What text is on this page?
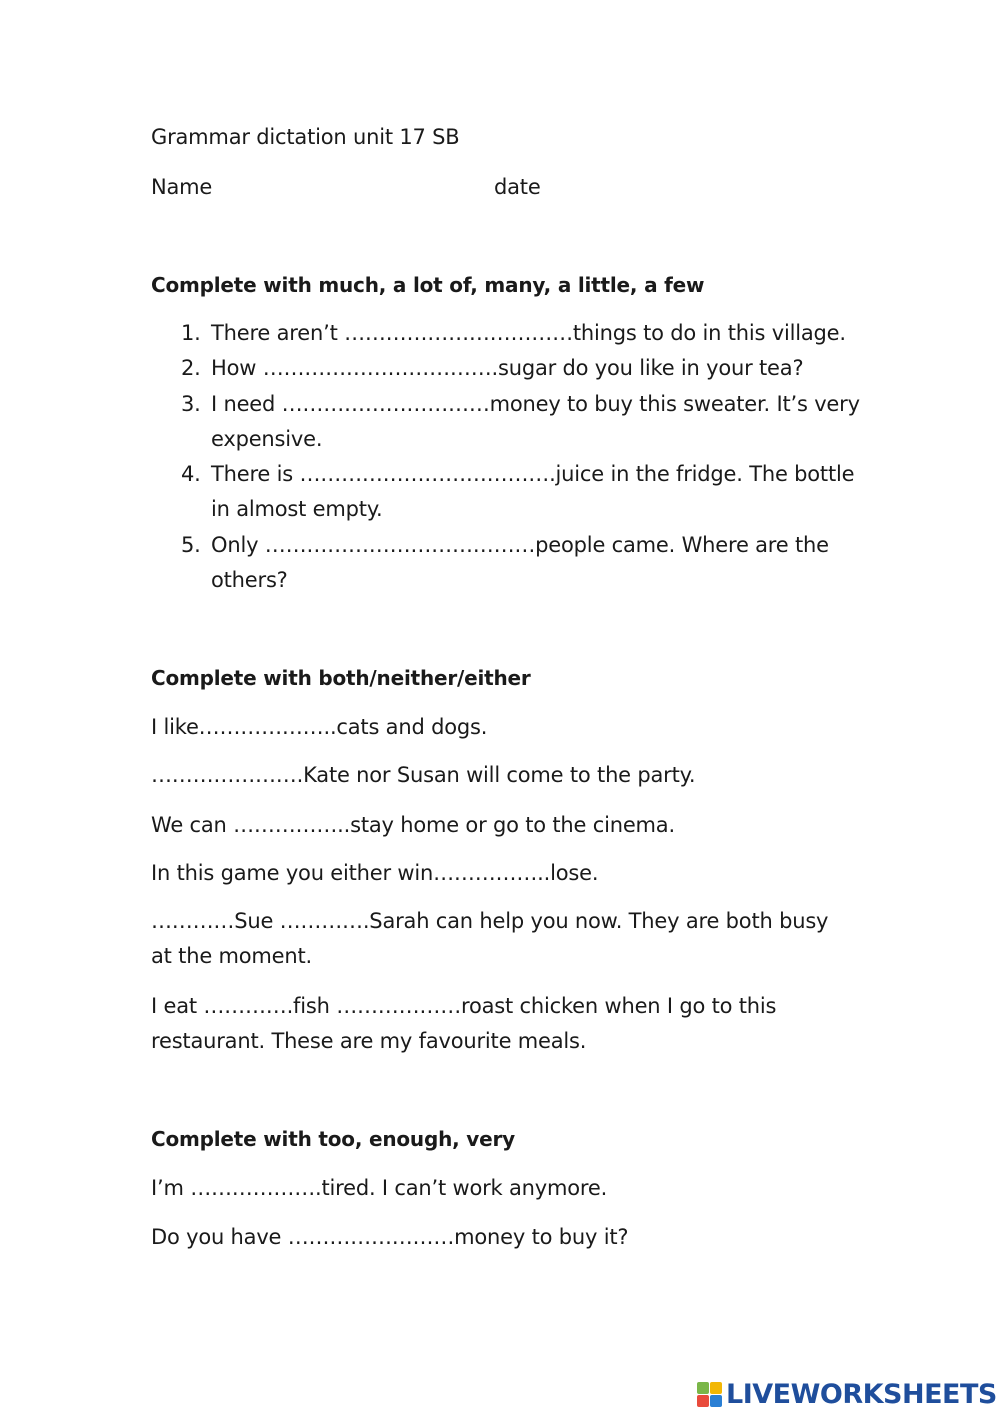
Grammar dictation unit 17 SB

Name	date

Complete with much, a lot of, many, a little, a few

1. There aren’t ……………………………things to do in this village.
2. How …………………………….sugar do you like in your tea?
3. I need …………………………money to buy this sweater. It’s very expensive.
4. There is ……………………………….juice in the fridge. The bottle in almost empty.
5. Only …………………………………people came. Where are the others?

Complete with both/neither/either

I like………………..cats and dogs.

………………….Kate nor Susan will come to the party.

We can ……………..stay home or go to the cinema.

In this game you either win……………..lose.

…………Sue ………….Sarah can help you now. They are both busy at the moment.

I eat ………….fish ………………roast chicken when I go to this restaurant. These are my favourite meals.

Complete with too, enough, very

I’m ……………….tired. I can’t work anymore.

Do you have ……………………money to buy it?

LIVEWORKSHEETS
